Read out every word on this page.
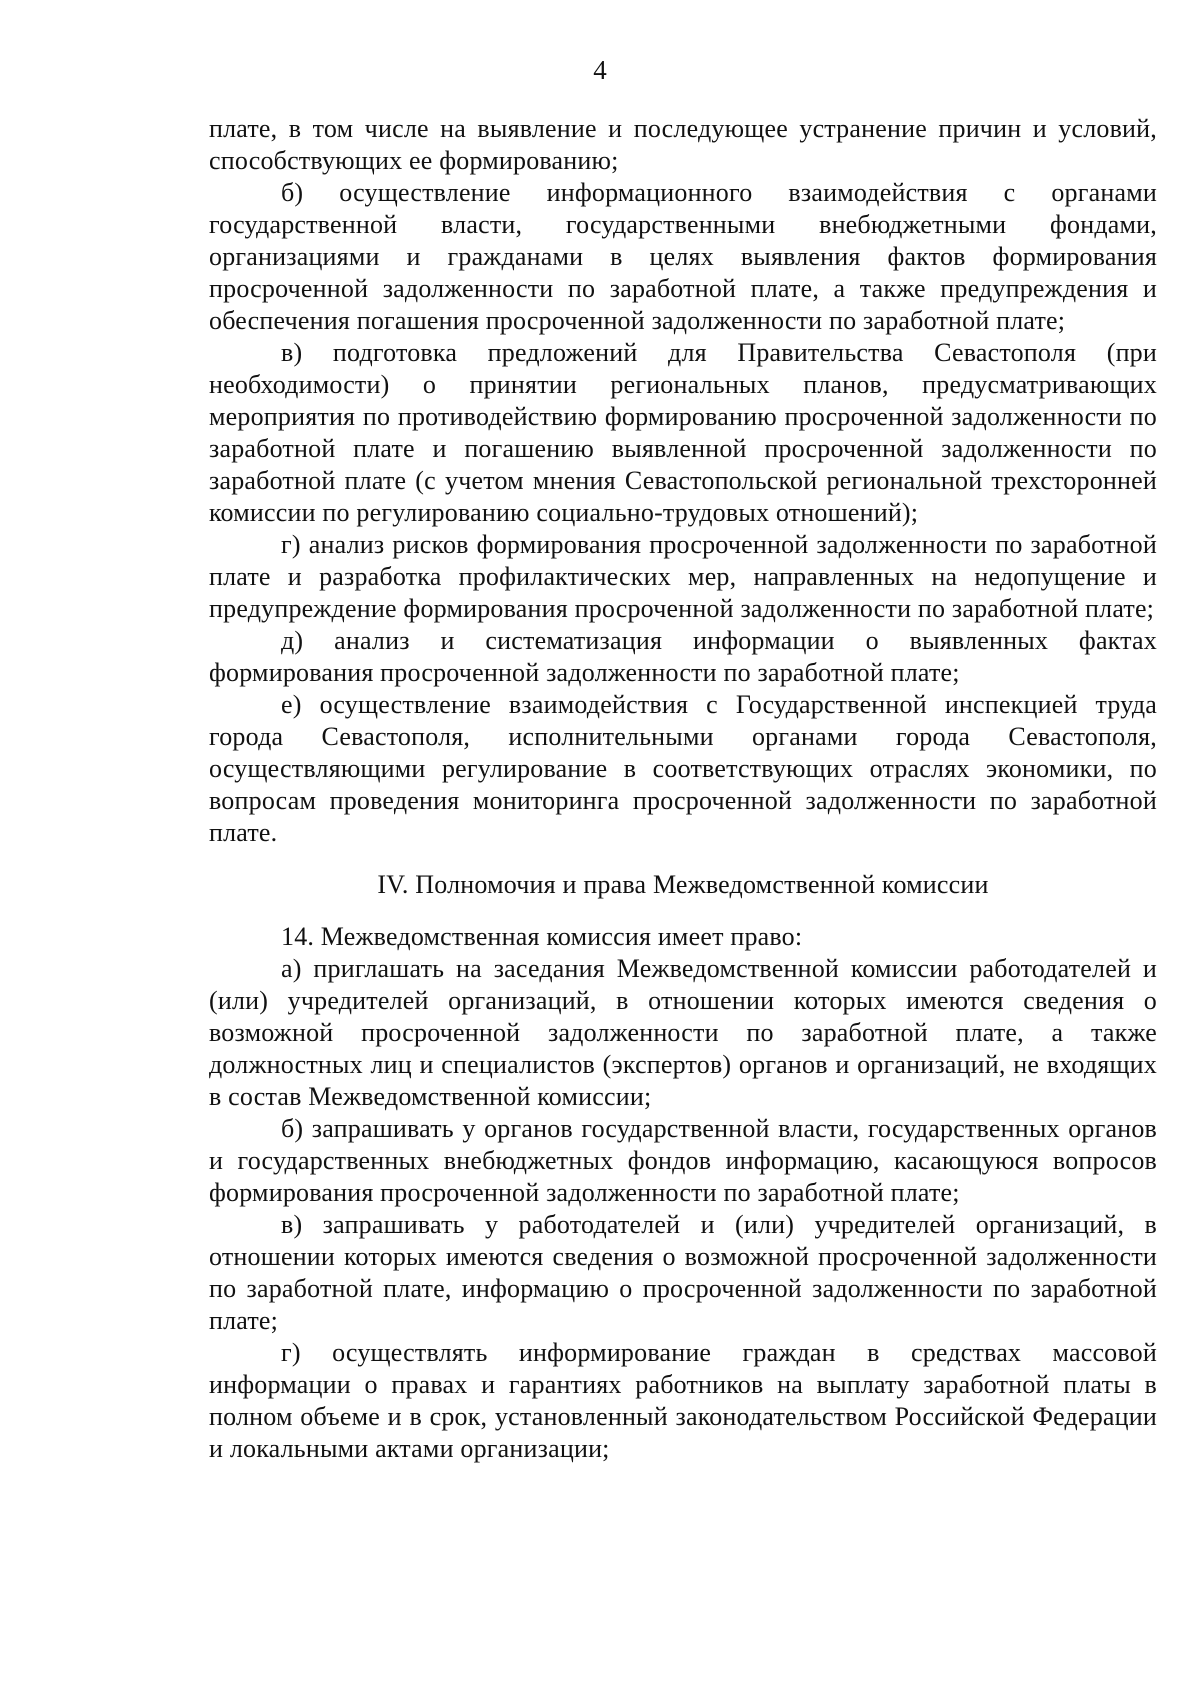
4

плате, в том числе на выявление и последующее устранение причин и условий, способствующих ее формированию;

б) осуществление информационного взаимодействия с органами государственной власти, государственными внебюджетными фондами, организациями и гражданами в целях выявления фактов формирования просроченной задолженности по заработной плате, а также предупреждения и обеспечения погашения просроченной задолженности по заработной плате;

в) подготовка предложений для Правительства Севастополя (при необходимости) о принятии региональных планов, предусматривающих мероприятия по противодействию формированию просроченной задолженности по заработной плате и погашению выявленной просроченной задолженности по заработной плате (с учетом мнения Севастопольской региональной трехсторонней комиссии по регулированию социально-трудовых отношений);

г) анализ рисков формирования просроченной задолженности по заработной плате и разработка профилактических мер, направленных на недопущение и предупреждение формирования просроченной задолженности по заработной плате;

д) анализ и систематизация информации о выявленных фактах формирования просроченной задолженности по заработной плате;

е) осуществление взаимодействия с Государственной инспекцией труда города Севастополя, исполнительными органами города Севастополя, осуществляющими регулирование в соответствующих отраслях экономики, по вопросам проведения мониторинга просроченной задолженности по заработной плате.

IV. Полномочия и права Межведомственной комиссии

14. Межведомственная комиссия имеет право:

а) приглашать на заседания Межведомственной комиссии работодателей и (или) учредителей организаций, в отношении которых имеются сведения о возможной просроченной задолженности по заработной плате, а также должностных лиц и специалистов (экспертов) органов и организаций, не входящих в состав Межведомственной комиссии;

б) запрашивать у органов государственной власти, государственных органов и государственных внебюджетных фондов информацию, касающуюся вопросов формирования просроченной задолженности по заработной плате;

в) запрашивать у работодателей и (или) учредителей организаций, в отношении которых имеются сведения о возможной просроченной задолженности по заработной плате, информацию о просроченной задолженности по заработной плате;

г) осуществлять информирование граждан в средствах массовой информации о правах и гарантиях работников на выплату заработной платы в полном объеме и в срок, установленный законодательством Российской Федерации и локальными актами организации;
